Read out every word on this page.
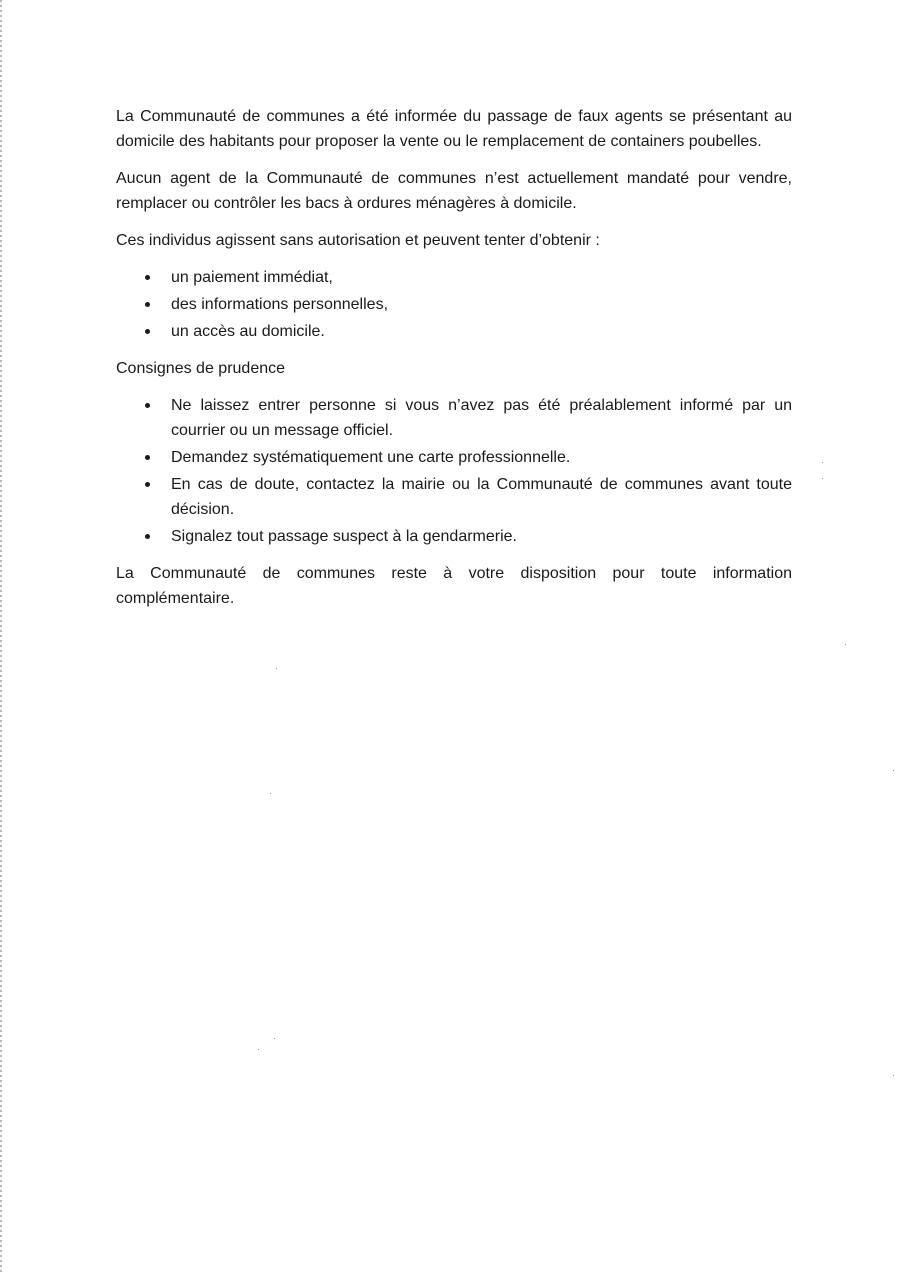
La Communauté de communes a été informée du passage de faux agents se présentant au domicile des habitants pour proposer la vente ou le remplacement de containers poubelles.

Aucun agent de la Communauté de communes n’est actuellement mandaté pour vendre, remplacer ou contrôler les bacs à ordures ménagères à domicile.

Ces individus agissent sans autorisation et peuvent tenter d’obtenir :

un paiement immédiat,
des informations personnelles,
un accès au domicile.

Consignes de prudence

Ne laissez entrer personne si vous n’avez pas été préalablement informé par un courrier ou un message officiel.
Demandez systématiquement une carte professionnelle.
En cas de doute, contactez la mairie ou la Communauté de communes avant toute décision.
Signalez tout passage suspect à la gendarmerie.

La Communauté de communes reste à votre disposition pour toute information complémentaire.
